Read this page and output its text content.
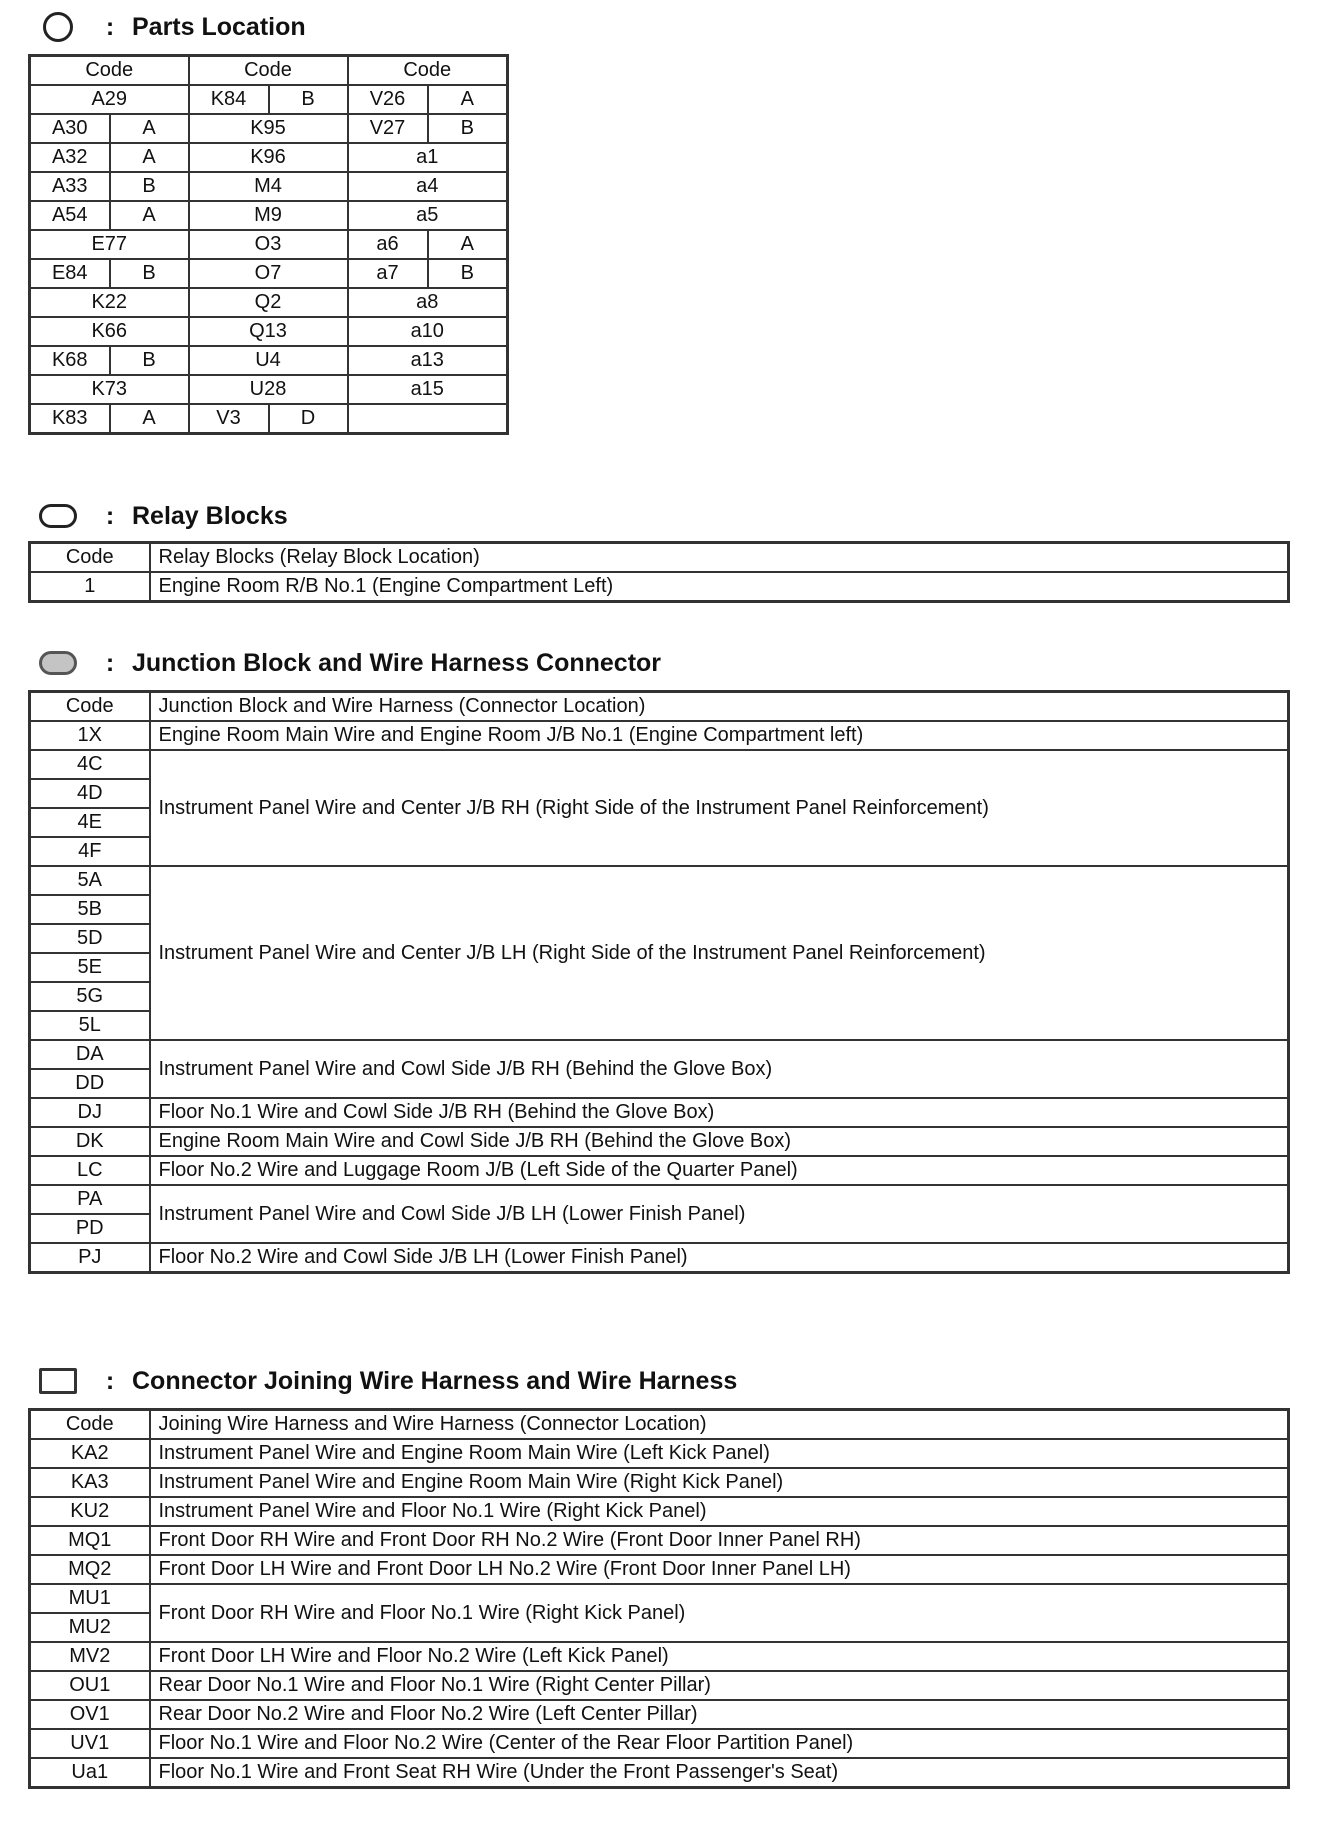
: Parts Location
Code		Code		Code	
A29		K84	B	V26	A
A30	A	K95		V27	B
A32	A	K96		a1	
A33	B	M4		a4	
A54	A	M9		a5	
E77		O3		a6	A
E84	B	O7		a7	B
K22		Q2		a8	
K66		Q13		a10	
K68	B	U4		a13	
K73		U28		a15	
K83	A	V3	D		
: Relay Blocks
Code	Relay Blocks (Relay Block Location)
1	Engine Room R/B No.1 (Engine Compartment Left)
: Junction Block and Wire Harness Connector
Code	Junction Block and Wire Harness (Connector Location)
1X	Engine Room Main Wire and Engine Room J/B No.1 (Engine Compartment left)
4C	Instrument Panel Wire and Center J/B RH (Right Side of the Instrument Panel Reinforcement)
4D	
4E	
4F	
5A	Instrument Panel Wire and Center J/B LH (Right Side of the Instrument Panel Reinforcement)
5B	
5D	
5E	
5G	
5L	
DA	Instrument Panel Wire and Cowl Side J/B RH (Behind the Glove Box)
DD	
DJ	Floor No.1 Wire and Cowl Side J/B RH (Behind the Glove Box)
DK	Engine Room Main Wire and Cowl Side J/B RH (Behind the Glove Box)
LC	Floor No.2 Wire and Luggage Room J/B (Left Side of the Quarter Panel)
PA	Instrument Panel Wire and Cowl Side J/B LH (Lower Finish Panel)
PD	
PJ	Floor No.2 Wire and Cowl Side J/B LH (Lower Finish Panel)
: Connector Joining Wire Harness and Wire Harness
Code	Joining Wire Harness and Wire Harness (Connector Location)
KA2	Instrument Panel Wire and Engine Room Main Wire (Left Kick Panel)
KA3	Instrument Panel Wire and Engine Room Main Wire (Right Kick Panel)
KU2	Instrument Panel Wire and Floor No.1 Wire (Right Kick Panel)
MQ1	Front Door RH Wire and Front Door RH No.2 Wire (Front Door Inner Panel RH)
MQ2	Front Door LH Wire and Front Door LH No.2 Wire (Front Door Inner Panel LH)
MU1	Front Door RH Wire and Floor No.1 Wire (Right Kick Panel)
MU2	
MV2	Front Door LH Wire and Floor No.2 Wire (Left Kick Panel)
OU1	Rear Door No.1 Wire and Floor No.1 Wire (Right Center Pillar)
OV1	Rear Door No.2 Wire and Floor No.2 Wire (Left Center Pillar)
UV1	Floor No.1 Wire and Floor No.2 Wire (Center of the Rear Floor Partition Panel)
Ua1	Floor No.1 Wire and Front Seat RH Wire (Under the Front Passenger's Seat)
